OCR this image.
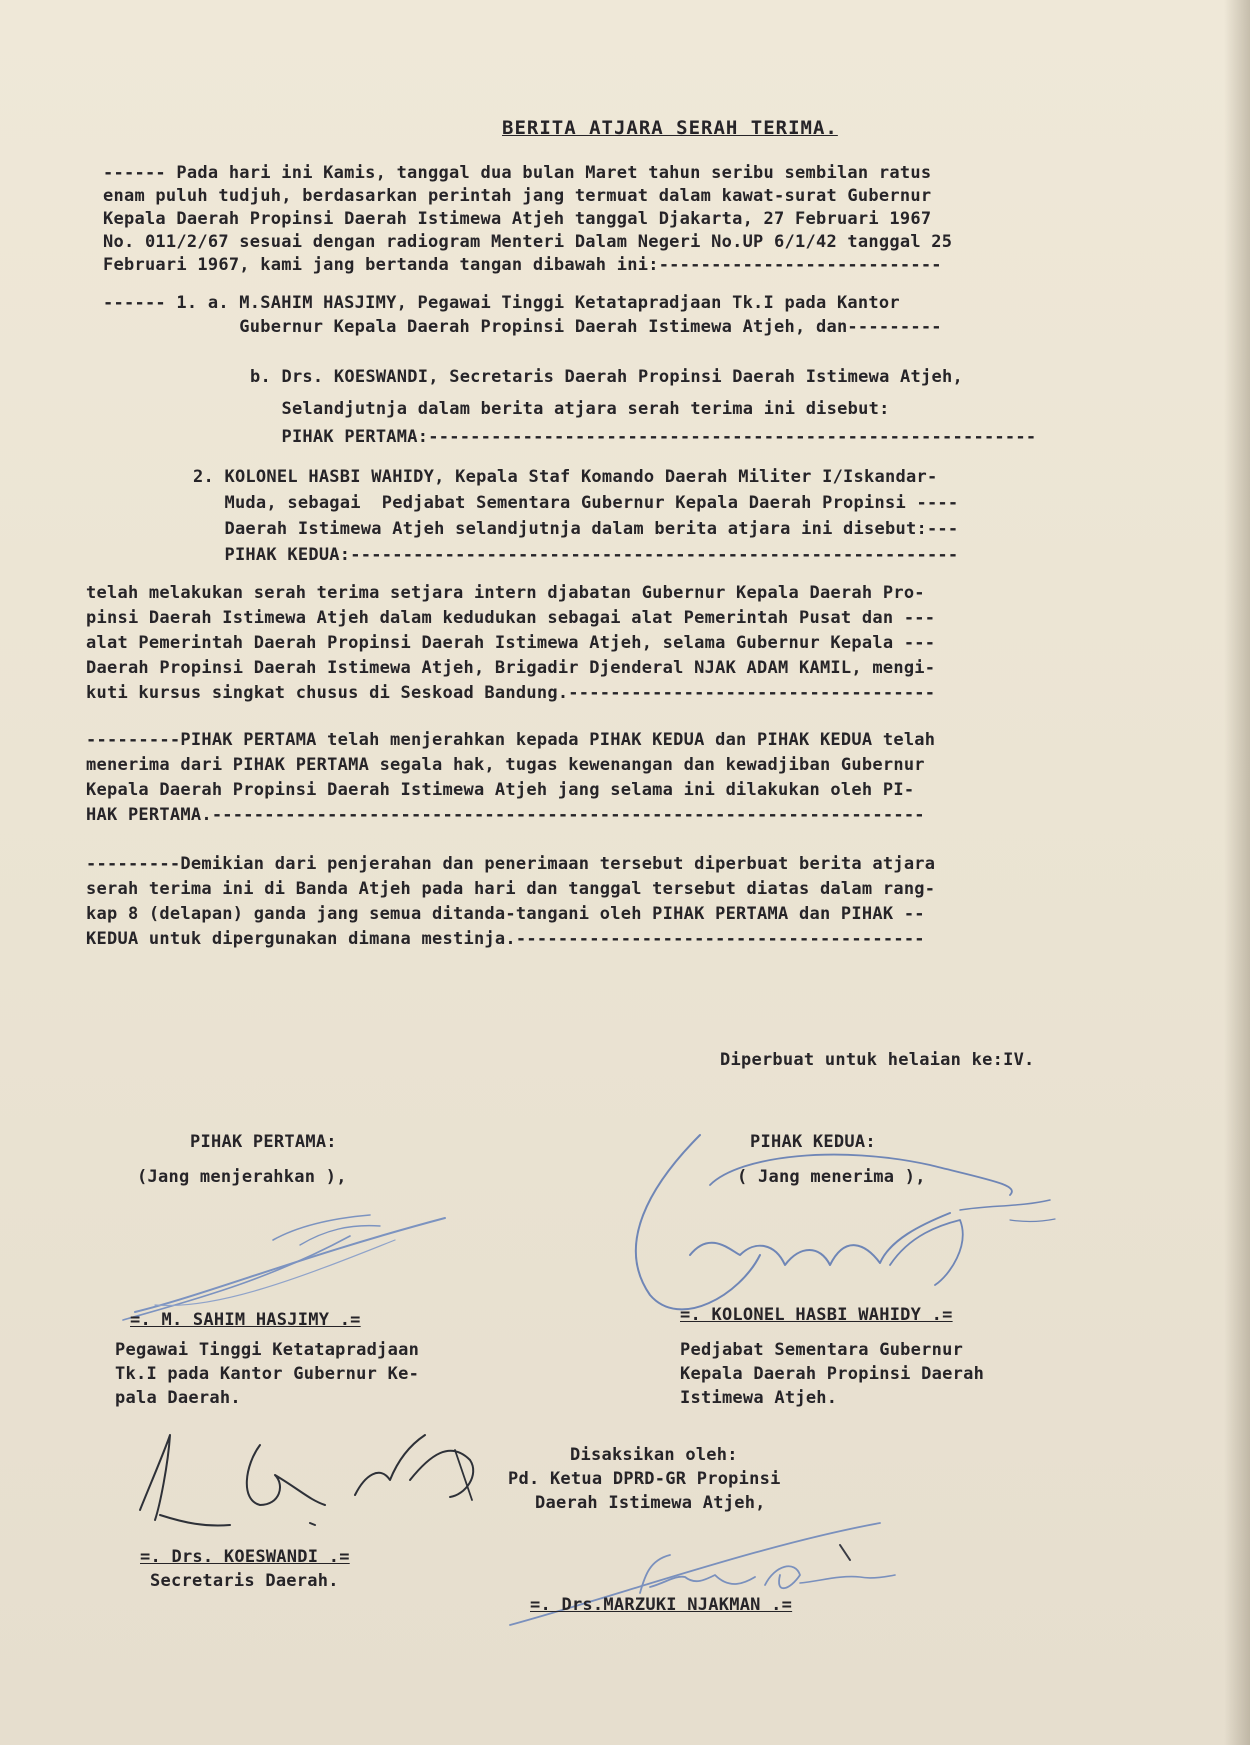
BERITA ATJARA SERAH TERIMA.

------ Pada hari ini Kamis, tanggal dua bulan Maret tahun seribu sembilan ratus

enam puluh tudjuh, berdasarkan perintah jang termuat dalam kawat-surat Gubernur

Kepala Daerah Propinsi Daerah Istimewa Atjeh tanggal Djakarta, 27 Februari 1967

No. 011/2/67 sesuai dengan radiogram Menteri Dalam Negeri No.UP 6/1/42 tanggal 25

Februari 1967, kami jang bertanda tangan dibawah ini:---------------------------

------ 1. a. M.SAHIM HASJIMY, Pegawai Tinggi Ketatapradjaan Tk.I pada Kantor

Gubernur Kepala Daerah Propinsi Daerah Istimewa Atjeh, dan---------

b. Drs. KOESWANDI, Secretaris Daerah Propinsi Daerah Istimewa Atjeh,

Selandjutnja dalam berita atjara serah terima ini disebut:

PIHAK PERTAMA:----------------------------------------------------------

2. KOLONEL HASBI WAHIDY, Kepala Staf Komando Daerah Militer I/Iskandar-

Muda, sebagai  Pedjabat Sementara Gubernur Kepala Daerah Propinsi ----

Daerah Istimewa Atjeh selandjutnja dalam berita atjara ini disebut:---

PIHAK KEDUA:----------------------------------------------------------

telah melakukan serah terima setjara intern djabatan Gubernur Kepala Daerah Pro-

pinsi Daerah Istimewa Atjeh dalam kedudukan sebagai alat Pemerintah Pusat dan ---

alat Pemerintah Daerah Propinsi Daerah Istimewa Atjeh, selama Gubernur Kepala ---

Daerah Propinsi Daerah Istimewa Atjeh, Brigadir Djenderal NJAK ADAM KAMIL, mengi-

kuti kursus singkat chusus di Seskoad Bandung.-----------------------------------

---------PIHAK PERTAMA telah menjerahkan kepada PIHAK KEDUA dan PIHAK KEDUA telah

menerima dari PIHAK PERTAMA segala hak, tugas kewenangan dan kewadjiban Gubernur

Kepala Daerah Propinsi Daerah Istimewa Atjeh jang selama ini dilakukan oleh PI-

HAK PERTAMA.--------------------------------------------------------------------

---------Demikian dari penjerahan dan penerimaan tersebut diperbuat berita atjara

serah terima ini di Banda Atjeh pada hari dan tanggal tersebut diatas dalam rang-

kap 8 (delapan) ganda jang semua ditanda-tangani oleh PIHAK PERTAMA dan PIHAK --

KEDUA untuk dipergunakan dimana mestinja.---------------------------------------

Diperbuat untuk helaian ke:IV.

PIHAK PERTAMA:

(Jang menjerahkan ),

PIHAK KEDUA:

( Jang menerima ),

=. M. SAHIM HASJIMY .=

Pegawai Tinggi Ketatapradjaan

Tk.I pada Kantor Gubernur Ke-

pala Daerah.

=. KOLONEL HASBI WAHIDY .=

Pedjabat Sementara Gubernur

Kepala Daerah Propinsi Daerah

Istimewa Atjeh.

Disaksikan oleh:

Pd. Ketua DPRD-GR Propinsi

Daerah Istimewa Atjeh,

=. Drs.MARZUKI NJAKMAN .=

=. Drs. KOESWANDI .=

Secretaris Daerah.
